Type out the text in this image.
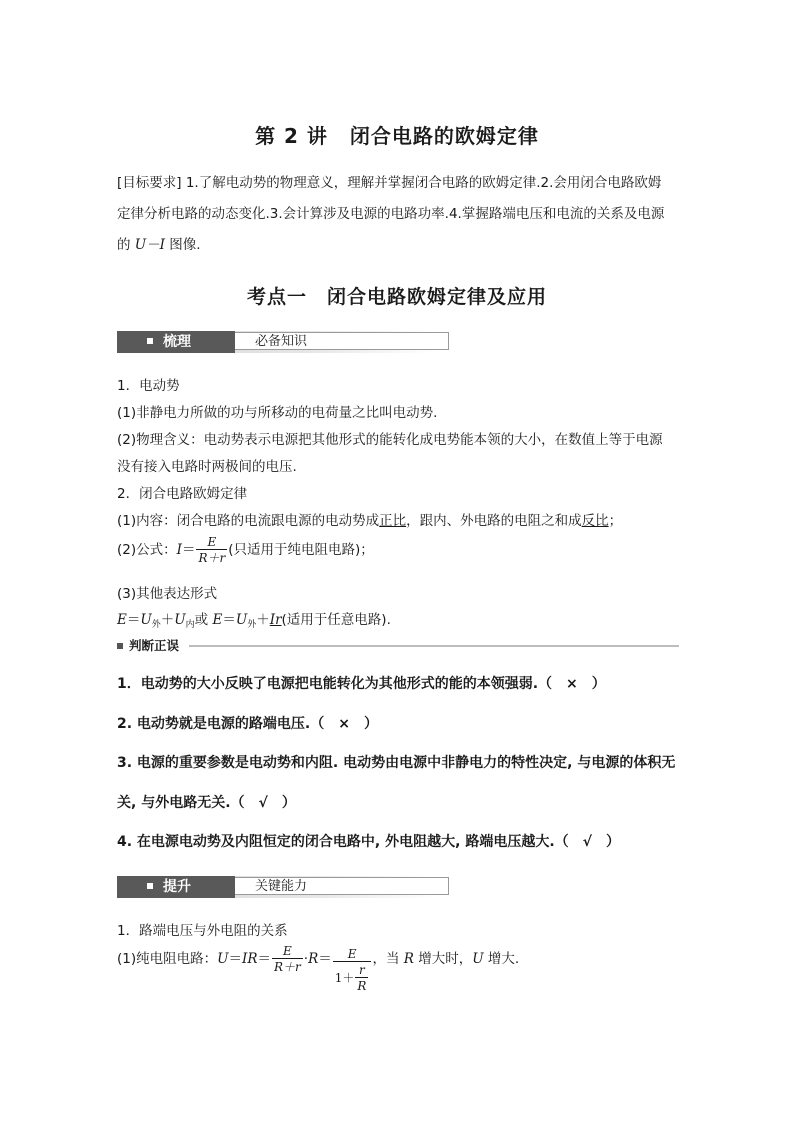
第 2 讲 闭合电路的欧姆定律
[目标要求] 1.了解电动势的物理意义，理解并掌握闭合电路的欧姆定律.2.会用闭合电路欧姆
定律分析电路的动态变化.3.会计算涉及电源的电路功率.4.掌握路端电压和电流的关系及电源
的 U－I 图像.
考点一　闭合电路欧姆定律及应用
梳理	必备知识
1．电动势
(1)非静电力所做的功与所移动的电荷量之比叫电动势.
(2)物理含义：电动势表示电源把其他形式的能转化成电势能本领的大小，在数值上等于电源
没有接入电路时两极间的电压.
2．闭合电路欧姆定律
(1)内容：闭合电路的电流跟电源的电动势成正比，跟内、外电路的电阻之和成反比；
(2)公式：$I= \frac{E}{R+r}$ (只适用于纯电阻电路)；
(3)其他表达形式
$E=U_外+U_内$或 $E=U_外+Ir$(适用于任意电路).
判断正误
1．电动势的大小反映了电源把电能转化为其他形式的能的本领强弱.（　×　）
2. 电动势就是电源的路端电压.（　×　）
3. 电源的重要参数是电动势和内阻. 电动势由电源中非静电力的特性决定, 与电源的体积无
关, 与外电路无关.（　√　）
4. 在电源电动势及内阻恒定的闭合电路中, 外电阻越大, 路端电压越大.（　√　）
提升	关键能力
1．路端电压与外电阻的关系
(1)纯电阻电路：$U=IR= \frac{E}{R+r} \cdot R= \frac{E}{1+ \frac{r}{R}}$ ，当 R 增大时，U 增大.
